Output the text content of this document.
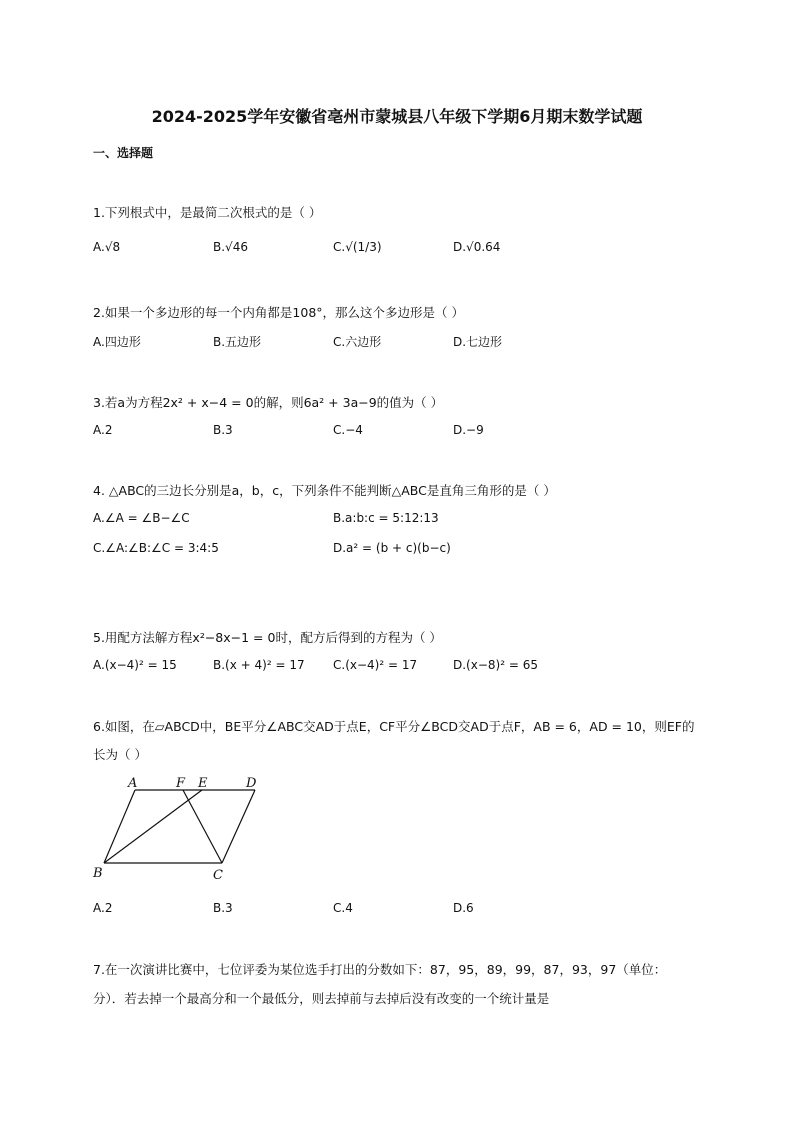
2024-2025学年安徽省亳州市蒙城县八年级下学期6月期末数学试题
一、选择题
1.下列根式中，是最简二次根式的是（ ）
A.√8	B.√46	C.√(1/3)	D.√0.64
2.如果一个多边形的每一个内角都是108°，那么这个多边形是（ ）
A.四边形	B.五边形	C.六边形	D.七边形
3.若a为方程2x² + x−4 = 0的解，则6a² + 3a−9的值为（ ）
A.2	B.3	C.−4	D.−9
4. △ABC的三边长分别是a，b，c，下列条件不能判断△ABC是直角三角形的是（ ）
A.∠A = ∠B−∠C	B.a:b:c = 5:12:13
C.∠A:∠B:∠C = 3:4:5	D.a² = (b + c)(b−c)
5.用配方法解方程x²−8x−1 = 0时，配方后得到的方程为（ ）
A.(x−4)² = 15	B.(x + 4)² = 17 C.(x−4)² = 17	D.(x−8)² = 65
6.如图，在▱ABCD中，BE平分∠ABC交AD于点E，CF平分∠BCD交AD于点F，AB = 6，AD = 10，则EF的
长为（ ）
A	F E	D
B	C
A.2	B.3	C.4	D.6
7.在一次演讲比赛中，七位评委为某位选手打出的分数如下：87，95，89，99，87，93，97（单位：
分）．若去掉一个最高分和一个最低分，则去掉前与去掉后没有改变的一个统计量是
